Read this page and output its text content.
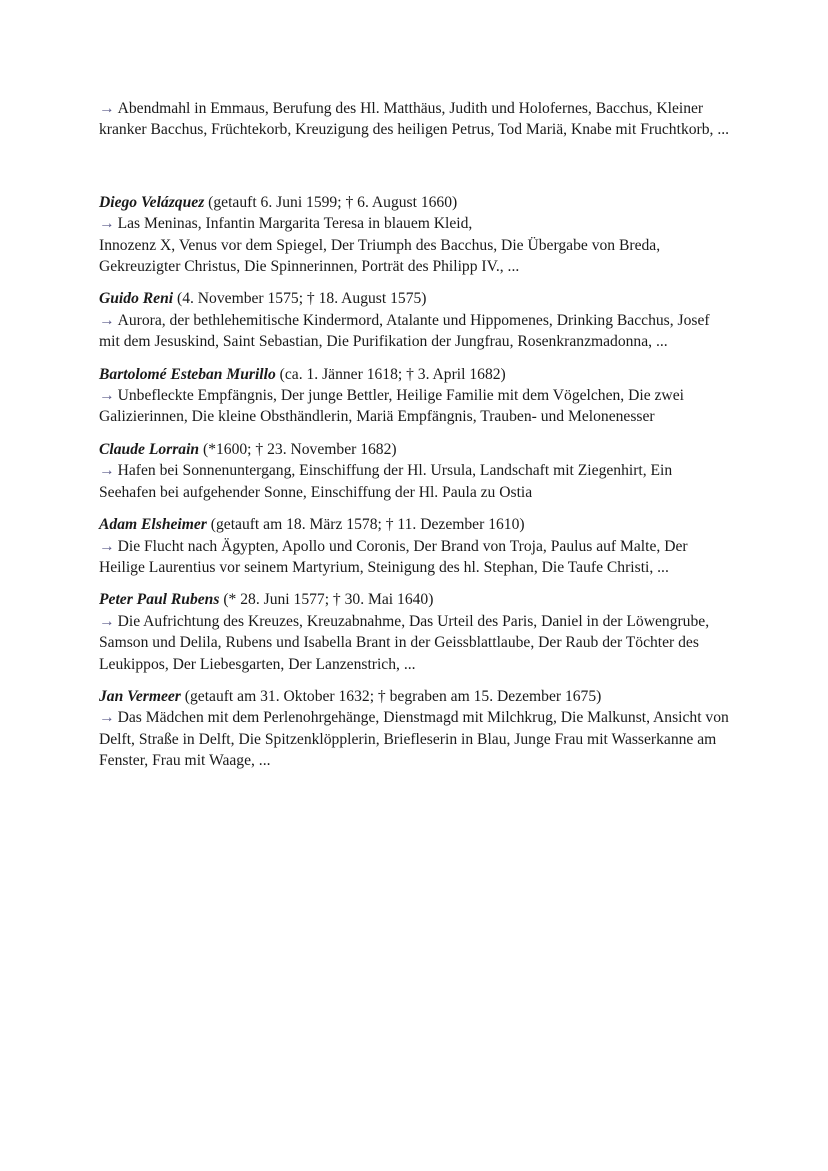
→ Abendmahl in Emmaus, Berufung des Hl. Matthäus, Judith und Holofernes, Bacchus, Kleiner kranker Bacchus, Früchtekorb, Kreuzigung des heiligen Petrus, Tod Mariä, Knabe mit Fruchtkorb, ...

Diego Velázquez (getauft 6. Juni 1599; † 6. August 1660)
→ Las Meninas, Infantin Margarita Teresa in blauem Kleid,
Innozenz X, Venus vor dem Spiegel, Der Triumph des Bacchus, Die Übergabe von Breda, Gekreuzigter Christus, Die Spinnerinnen, Porträt des Philipp IV., ...

Guido Reni (4. November 1575; † 18. August 1575)
→ Aurora, der bethlehemitische Kindermord, Atalante und Hippomenes, Drinking Bacchus, Josef mit dem Jesuskind, Saint Sebastian, Die Purifikation der Jungfrau, Rosenkranzmadonna, ...

Bartolomé Esteban Murillo (ca. 1. Jänner 1618; † 3. April 1682)
→ Unbefleckte Empfängnis, Der junge Bettler, Heilige Familie mit dem Vögelchen, Die zwei Galizierinnen, Die kleine Obsthändlerin, Mariä Empfängnis, Trauben- und Melonenesser

Claude Lorrain (*1600; † 23. November 1682)
→ Hafen bei Sonnenuntergang, Einschiffung der Hl. Ursula, Landschaft mit Ziegenhirt, Ein Seehafen bei aufgehender Sonne, Einschiffung der Hl. Paula zu Ostia

Adam Elsheimer (getauft am 18. März 1578; † 11. Dezember 1610)
→ Die Flucht nach Ägypten, Apollo und Coronis, Der Brand von Troja, Paulus auf Malte, Der Heilige Laurentius vor seinem Martyrium, Steinigung des hl. Stephan, Die Taufe Christi, ...

Peter Paul Rubens (* 28. Juni 1577; † 30. Mai 1640)
→ Die Aufrichtung des Kreuzes, Kreuzabnahme, Das Urteil des Paris, Daniel in der Löwengrube, Samson und Delila, Rubens und Isabella Brant in der Geissblattlaube, Der Raub der Töchter des Leukippos, Der Liebesgarten, Der Lanzenstrich, ...

Jan Vermeer (getauft am 31. Oktober 1632; † begraben am 15. Dezember 1675)
→ Das Mädchen mit dem Perlenohrgehänge, Dienstmagd mit Milchkrug, Die Malkunst, Ansicht von Delft, Straße in Delft, Die Spitzenklöpplerin, Briefleserin in Blau, Junge Frau mit Wasserkanne am Fenster, Frau mit Waage, ...
